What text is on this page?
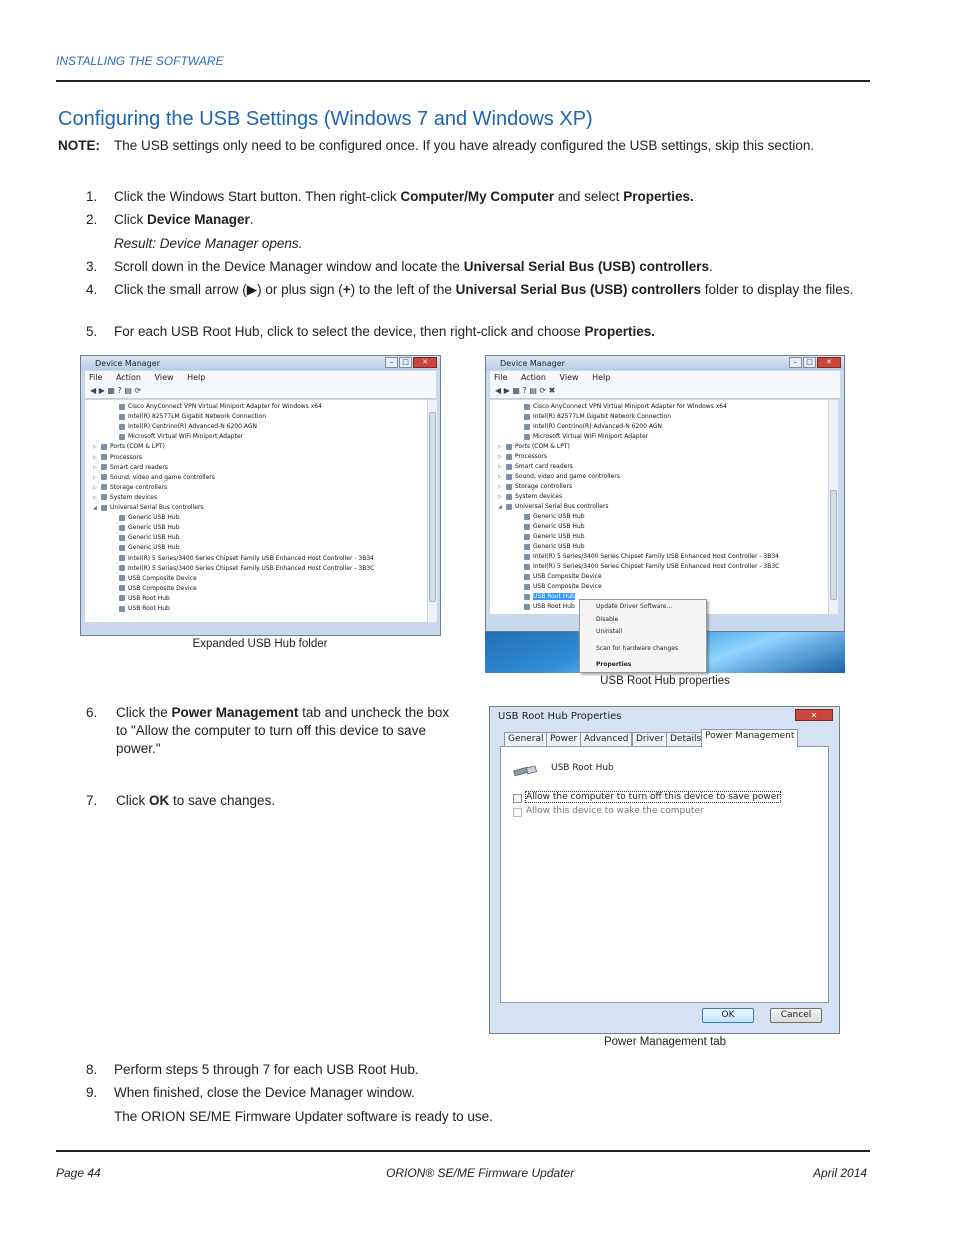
INSTALLING THE SOFTWARE
Configuring the USB Settings (Windows 7 and Windows XP)
NOTE: The USB settings only need to be configured once. If you have already configured the USB settings, skip this section.
1. Click the Windows Start button. Then right-click Computer/My Computer and select Properties.
2. Click Device Manager.
Result: Device Manager opens.
3. Scroll down in the Device Manager window and locate the Universal Serial Bus (USB) controllers.
4. Click the small arrow (▶) or plus sign (+) to the left of the Universal Serial Bus (USB) controllers folder to display the files.
5. For each USB Root Hub, click to select the device, then right-click and choose Properties.
Device Manager	–	□	✕
File Action View Help
◀ ▶ ▦ ? ▤ ⟳
Cisco AnyConnect VPN Virtual Miniport Adapter for Windows x64
Intel(R) 82577LM Gigabit Network Connection
Intel(R) Centrino(R) Advanced-N 6200 AGN
Microsoft Virtual WiFi Miniport Adapter
▷ Ports (COM & LPT)
▷ Processors
▷ Smart card readers
▷ Sound, video and game controllers
▷ Storage controllers
▷ System devices
◢ Universal Serial Bus controllers
Generic USB Hub
Generic USB Hub
Generic USB Hub
Generic USB Hub
Intel(R) 5 Series/3400 Series Chipset Family USB Enhanced Host Controller - 3B34
Intel(R) 5 Series/3400 Series Chipset Family USB Enhanced Host Controller - 3B3C
USB Composite Device
USB Composite Device
USB Root Hub
USB Root Hub
Expanded USB Hub folder
Device Manager	–	□	✕
File Action View Help
◀ ▶ ▦ ? ▤ ⟳ ✖
Cisco AnyConnect VPN Virtual Miniport Adapter for Windows x64
Intel(R) 82577LM Gigabit Network Connection
Intel(R) Centrino(R) Advanced-N 6200 AGN
Microsoft Virtual WiFi Miniport Adapter
▷ Ports (COM & LPT)
▷ Processors
▷ Smart card readers
▷ Sound, video and game controllers
▷ Storage controllers
▷ System devices
◢ Universal Serial Bus controllers
Generic USB Hub
Generic USB Hub
Generic USB Hub
Generic USB Hub
Intel(R) 5 Series/3400 Series Chipset Family USB Enhanced Host Controller - 3B34
Intel(R) 5 Series/3400 Series Chipset Family USB Enhanced Host Controller - 3B3C
USB Composite Device
USB Composite Device
USB Root Hub
USB Root Hub	Update Driver Software...
Disable
Uninstall
Scan for hardware changes
Properties
USB Root Hub properties
6. Click the Power Management tab and uncheck the box to "Allow the computer to turn off this device to save power."
7. Click OK to save changes.
USB Root Hub Properties	✕
General Power Advanced Driver Details Power Management
USB Root Hub
Allow the computer to turn off this device to save power
Allow this device to wake the computer
OK	Cancel
Power Management tab
8. Perform steps 5 through 7 for each USB Root Hub.
9. When finished, close the Device Manager window.
The ORION SE/ME Firmware Updater software is ready to use.
Page 44	ORION® SE/ME Firmware Updater	April 2014
